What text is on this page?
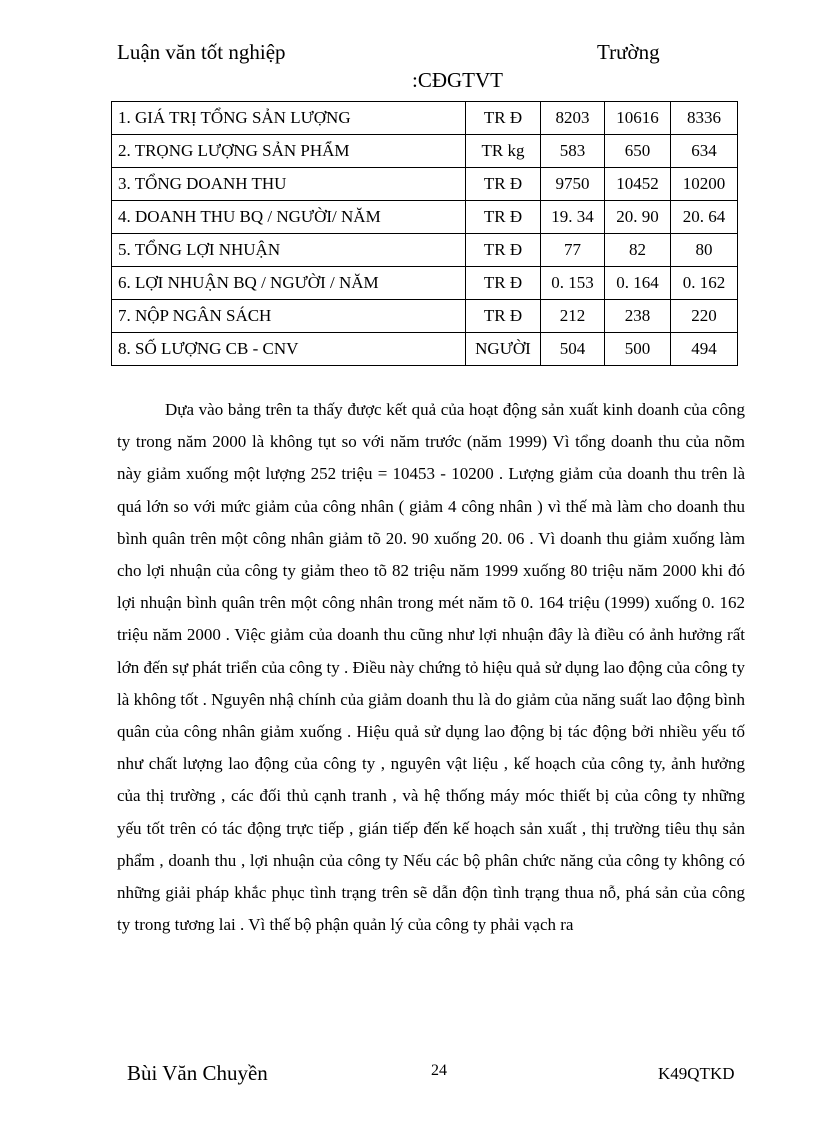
Luận văn tốt nghiệp	Trường
:CĐGTVT
1. GIÁ TRỊ TỔNG SẢN LƯỢNG	TR Đ	8203	10616	8336
2. TRỌNG LƯỢNG SẢN PHẨM	TR kg	583	650	634
3. TỔNG DOANH THU	TR Đ	9750	10452	10200
4. DOANH THU BQ / NGƯỜI/ NĂM	TR Đ	19. 34	20. 90	20. 64
5. TỔNG LỢI NHUẬN	TR Đ	77	82	80
6. LỢI NHUẬN BQ / NGƯỜI / NĂM	TR Đ	0. 153	0. 164	0. 162
7. NỘP NGÂN SÁCH	TR Đ	212	238	220
8. SỐ LƯỢNG CB - CNV	NGƯỜI	504	500	494

Dựa vào bảng trên ta thấy được kết quả của hoạt động sản xuất kinh doanh của công ty trong năm 2000 là không tụt so với năm trước (năm 1999) Vì tổng doanh thu của nõm này giảm xuống một lượng 252 triệu = 10453 - 10200 . Lượng giảm của doanh thu trên là quá lớn so với mức giảm của công nhân ( giảm 4 công nhân ) vì thế mà làm cho doanh thu bình quân trên một công nhân giảm tõ 20. 90 xuống 20. 06 . Vì doanh thu giảm xuống làm cho lợi nhuận của công ty giảm theo tõ 82 triệu năm 1999 xuống 80 triệu năm 2000 khi đó lợi nhuận bình quân trên một công nhân trong mét năm tõ 0. 164 triệu (1999) xuống 0. 162 triệu năm 2000 . Việc giảm của doanh thu cũng như lợi nhuận đây là điều có ảnh hưởng rất lớn đến sự phát triển của công ty . Điều này chứng tỏ hiệu quả sử dụng lao động của công ty là không tốt . Nguyên nhậ chính của giảm doanh thu là do giảm của năng suất lao động bình quân của công nhân giảm xuống . Hiệu quả sử dụng lao động bị tác động bởi nhiều yếu tố như chất lượng lao động của công ty , nguyên vật liệu , kế hoạch của công ty, ảnh hưởng của thị trường , các đối thủ cạnh tranh , và hệ thống máy móc thiết bị của công ty những yếu tốt trên có tác động trực tiếp , gián tiếp đến kế hoạch sản xuất , thị trường tiêu thụ sản phẩm , doanh thu , lợi nhuận của công ty Nếu các bộ phân chức năng của công ty không có những giải pháp khắc phục tình trạng trên sẽ dẫn độn tình trạng thua nỗ, phá sản của công ty trong tương lai . Vì thế bộ phận quản lý của công ty phải vạch ra

Bùi Văn Chuyền	24	K49QTKD
